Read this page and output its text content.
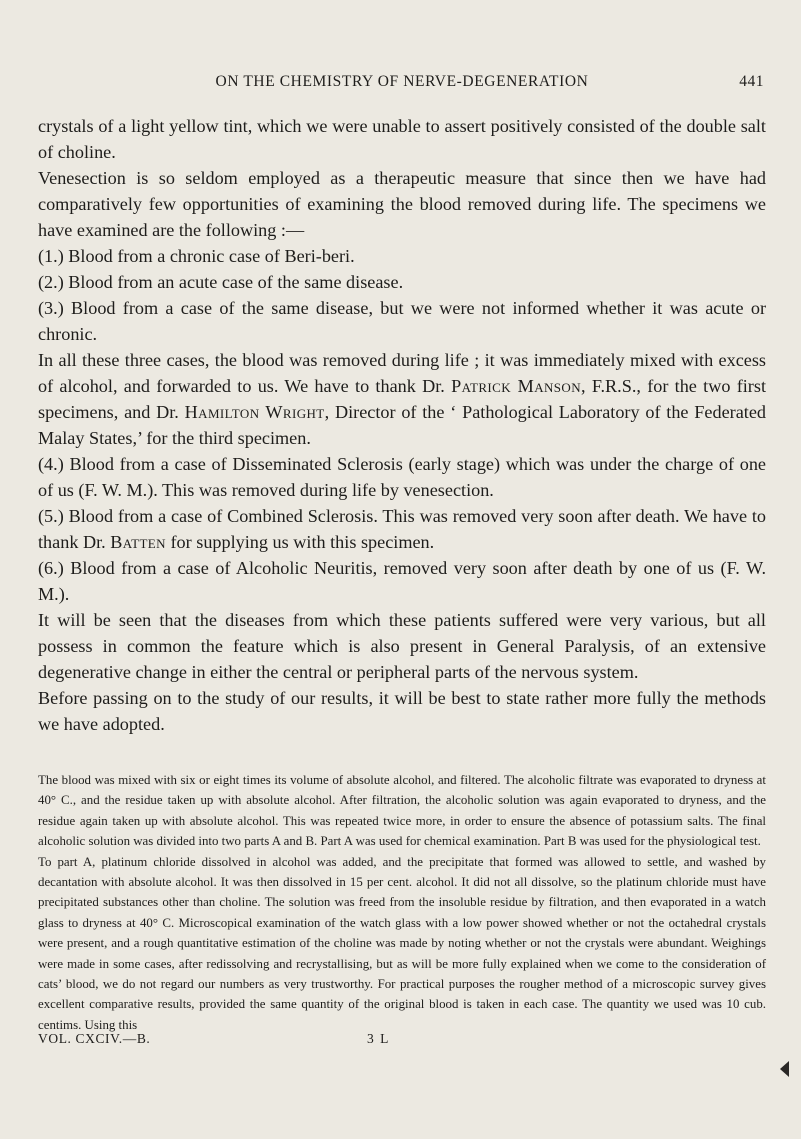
ON THE CHEMISTRY OF NERVE-DEGENERATION	441

crystals of a light yellow tint, which we were unable to assert positively consisted of the double salt of choline.

Venesection is so seldom employed as a therapeutic measure that since then we have had comparatively few opportunities of examining the blood removed during life. The specimens we have examined are the following :—

(1.) Blood from a chronic case of Beri-beri.

(2.) Blood from an acute case of the same disease.

(3.) Blood from a case of the same disease, but we were not informed whether it was acute or chronic.

In all these three cases, the blood was removed during life ; it was immediately mixed with excess of alcohol, and forwarded to us. We have to thank Dr. Patrick Manson, F.R.S., for the two first specimens, and Dr. Hamilton Wright, Director of the ‘ Pathological Laboratory of the Federated Malay States,’ for the third specimen.

(4.) Blood from a case of Disseminated Sclerosis (early stage) which was under the charge of one of us (F. W. M.). This was removed during life by venesection.

(5.) Blood from a case of Combined Sclerosis. This was removed very soon after death. We have to thank Dr. Batten for supplying us with this specimen.

(6.) Blood from a case of Alcoholic Neuritis, removed very soon after death by one of us (F. W. M.).

It will be seen that the diseases from which these patients suffered were very various, but all possess in common the feature which is also present in General Paralysis, of an extensive degenerative change in either the central or peripheral parts of the nervous system.

Before passing on to the study of our results, it will be best to state rather more fully the methods we have adopted.

The blood was mixed with six or eight times its volume of absolute alcohol, and filtered. The alcoholic filtrate was evaporated to dryness at 40° C., and the residue taken up with absolute alcohol. After filtration, the alcoholic solution was again evaporated to dryness, and the residue again taken up with absolute alcohol. This was repeated twice more, in order to ensure the absence of potassium salts. The final alcoholic solution was divided into two parts A and B. Part A was used for chemical examination. Part B was used for the physiological test.

To part A, platinum chloride dissolved in alcohol was added, and the precipitate that formed was allowed to settle, and washed by decantation with absolute alcohol. It was then dissolved in 15 per cent. alcohol. It did not all dissolve, so the platinum chloride must have precipitated substances other than choline. The solution was freed from the insoluble residue by filtration, and then evaporated in a watch glass to dryness at 40° C. Microscopical examination of the watch glass with a low power showed whether or not the octahedral crystals were present, and a rough quantitative estimation of the choline was made by noting whether or not the crystals were abundant. Weighings were made in some cases, after redissolving and recrystallising, but as will be more fully explained when we come to the consideration of cats’ blood, we do not regard our numbers as very trustworthy. For practical purposes the rougher method of a microscopic survey gives excellent comparative results, provided the same quantity of the original blood is taken in each case. The quantity we used was 10 cub. centims. Using this

VOL. CXCIV.—B.	3 L
